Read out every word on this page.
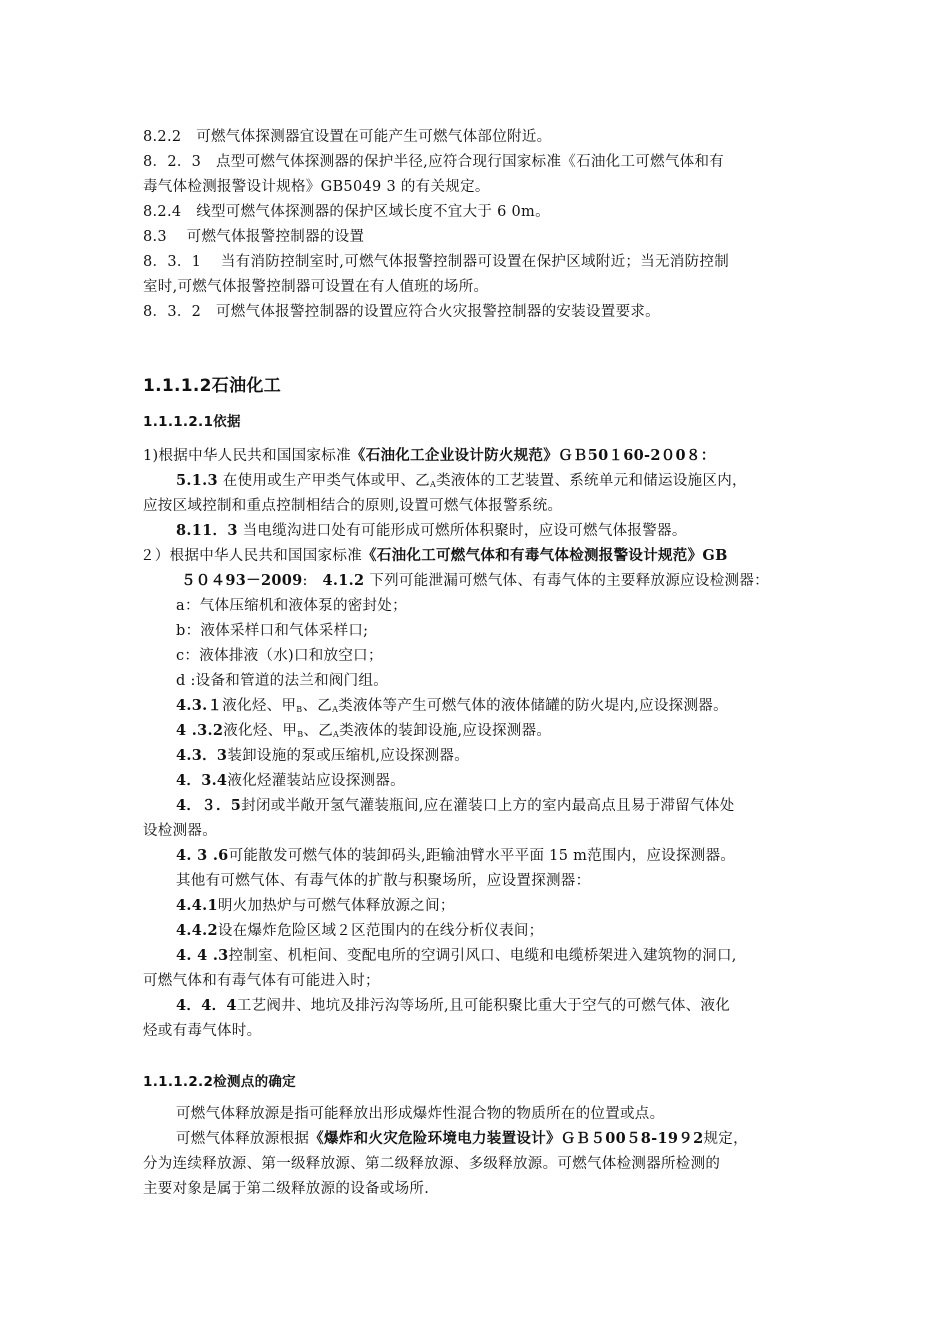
8.2.2　可燃气体探测器宜设置在可能产生可燃气体部位附近。
8．2．3　点型可燃气体探测器的保护半径,应符合现行国家标准《石油化工可燃气体和有
毒气体检测报警设计规格》GB5049 3 的有关规定。
8.2.4　线型可燃气体探测器的保护区域长度不宜大于 6 0m。
8.3　 可燃气体报警控制器的设置
8．3．1　 当有消防控制室时,可燃气体报警控制器可设置在保护区域附近；当无消防控制
室时,可燃气体报警控制器可设置在有人值班的场所。
8．3．2　可燃气体报警控制器的设置应符合火灾报警控制器的安装设置要求。
1.1.1.2石油化工
1.1.1.2.1依据
1)根据中华人民共和国国家标准《石油化工企业设计防火规范》ＧＢ50１60-2０0８：
5.1.3 在使用或生产甲类气体或甲、乙$_A$类液体的工艺装置、系统单元和储运设施区内，
应按区域控制和重点控制相结合的原则,设置可燃气体报警系统。
8.11．3 当电缆沟进口处有可能形成可燃所体积聚时，应设可燃气体报警器。
２）根据中华人民共和国国家标准《石油化工可燃气体和有毒气体检测报警设计规范》GB
５０４93－2009:　4.1.2 下列可能泄漏可燃气体、有毒气体的主要释放源应设检测器：
a：气体压缩机和液体泵的密封处；
b：液体采样口和气体采样口;
c：液体排液（水)口和放空口；
d :设备和管道的法兰和阀门组。
4.3.１液化烃、甲$_B$、乙$_A$类液体等产生可燃气体的液体储罐的防火堤内,应设探测器。
4 .3.2液化烃、甲$_B$、乙$_A$类液体的装卸设施,应设探测器。
4.3．3装卸设施的泵或压缩机,应设探测器。
4．3.4液化烃灌装站应设探测器。
4．３．5封闭或半敞开氢气灌装瓶间,应在灌装口上方的室内最高点且易于滞留气体处
设检测器。
4. 3 .6可能散发可燃气体的装卸码头,距输油臂水平平面 15 m范围内，应设探测器。
其他有可燃气体、有毒气体的扩散与积聚场所，应设置探测器：
4.4.1明火加热炉与可燃气体释放源之间；
4.4.2设在爆炸危险区域２区范围内的在线分析仪表间；
4. 4 .3控制室、机柜间、变配电所的空调引风口、电缆和电缆桥架进入建筑物的洞口,
可燃气体和有毒气体有可能进入时；
4．4．4工艺阀井、地坑及排污沟等场所,且可能积聚比重大于空气的可燃气体、液化
烃或有毒气体时。
1.1.1.2.2检测点的确定
可燃气体释放源是指可能释放出形成爆炸性混合物的物质所在的位置或点。
可燃气体释放源根据《爆炸和火灾危险环境电力装置设计》ＧＢ５00５8-19９2规定，
分为连续释放源、第一级释放源、第二级释放源、多级释放源。可燃气体检测器所检测的
主要对象是属于第二级释放源的设备或场所.
